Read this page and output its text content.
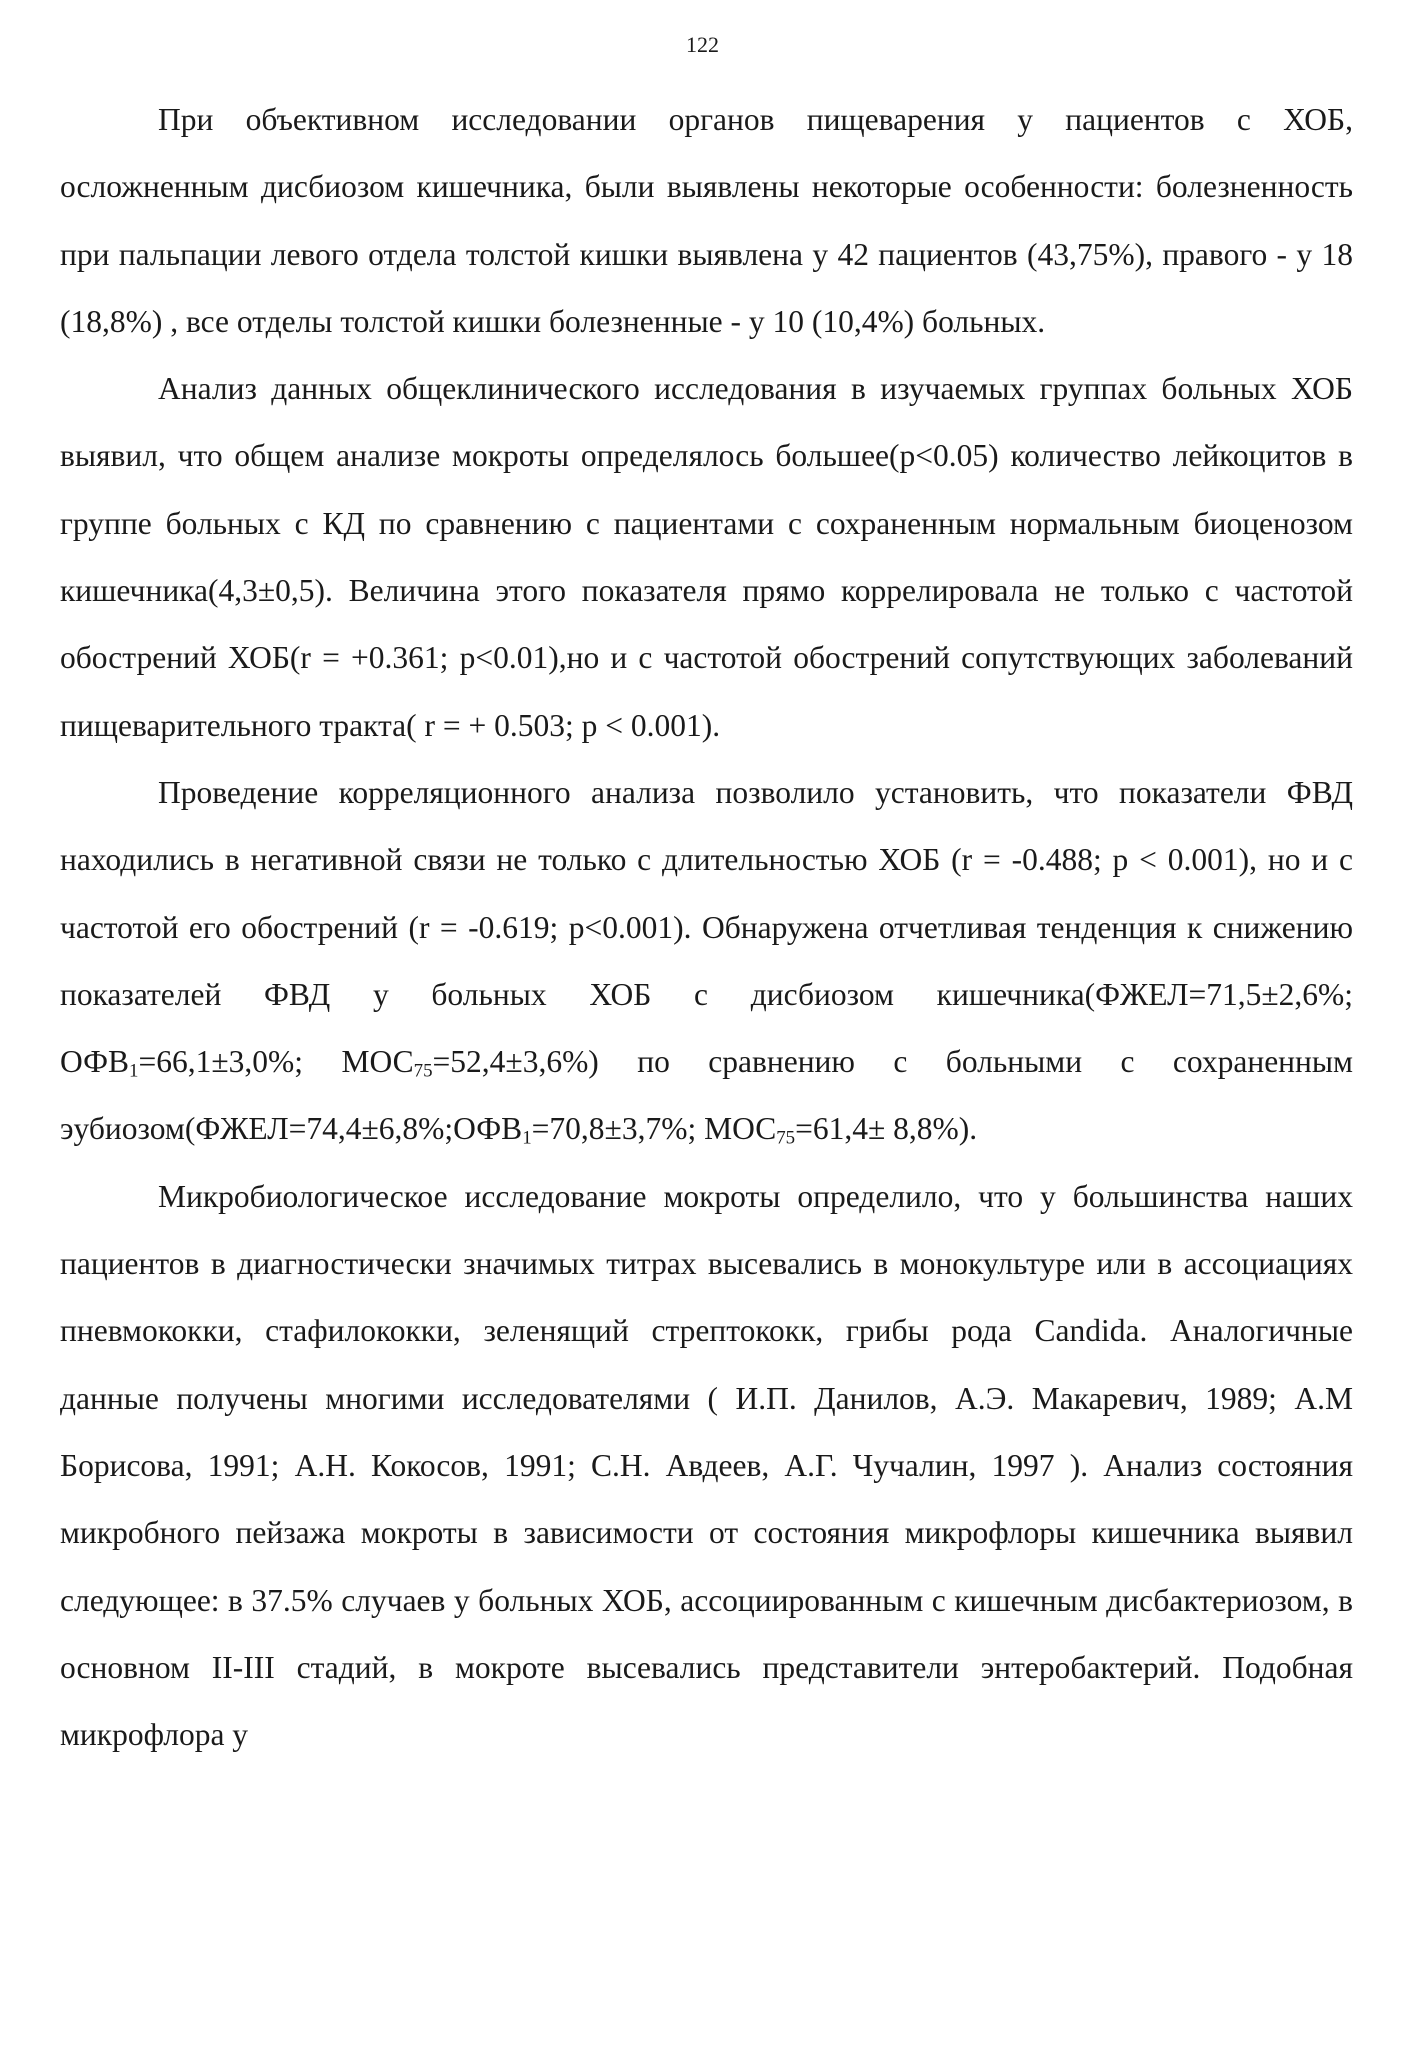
122

При объективном исследовании органов пищеварения у пациентов с ХОБ, осложненным дисбиозом кишечника, были выявлены некоторые особенности: болезненность при пальпации левого отдела толстой кишки выявлена у 42 пациентов (43,75%), правого - у 18 (18,8%) , все отделы толстой кишки болезненные - у 10 (10,4%) больных.

Анализ данных общеклинического исследования в изучаемых группах больных ХОБ выявил, что общем анализе мокроты определялось большее(р<0.05) количество лейкоцитов в группе больных с КД по сравнению с пациентами с сохраненным нормальным биоценозом кишечника(4,3±0,5). Величина этого показателя прямо коррелировала не только с частотой обострений ХОБ(r = +0.361; р<0.01),но и с частотой обострений сопутствующих заболеваний пищеварительного тракта( r = + 0.503; p < 0.001).

Проведение корреляционного анализа позволило установить, что показатели ФВД находились в негативной связи не только с длительностью ХОБ (r = -0.488; p < 0.001), но и с частотой его обострений (r = -0.619; p<0.001). Обнаружена отчетливая тенденция к снижению показателей ФВД у больных ХОБ с дисбиозом кишечника(ФЖЕЛ=71,5±2,6%; $ОФВ_1=66,1\pm 3,0\%$; $МОС_{75}=52,4\pm 3,6\%$) по сравнению с больными с сохраненным $эубиозом(ФЖЕЛ=74,4\pm 6,8\%;ОФВ_1=70,8\pm 3,7\%$; $МОС_{75}=61,4\pm 8,8\%$).

Микробиологическое исследование мокроты определило, что у большинства наших пациентов в диагностически значимых титрах высевались в монокультуре или в ассоциациях пневмококки, стафилококки, зеленящий стрептококк, грибы рода Candida. Аналогичные данные получены многими исследователями ( И.П. Данилов, А.Э. Макаревич, 1989; А.М Борисова, 1991; А.Н. Кокосов, 1991; С.Н. Авдеев, А.Г. Чучалин, 1997 ). Анализ состояния микробного пейзажа мокроты в зависимости от состояния микрофлоры кишечника выявил следующее: в 37.5% случаев у больных ХОБ, ассоциированным с кишечным дисбактериозом, в основном II-III стадий, в мокроте высевались представители энтеробактерий. Подобная микрофлора у
